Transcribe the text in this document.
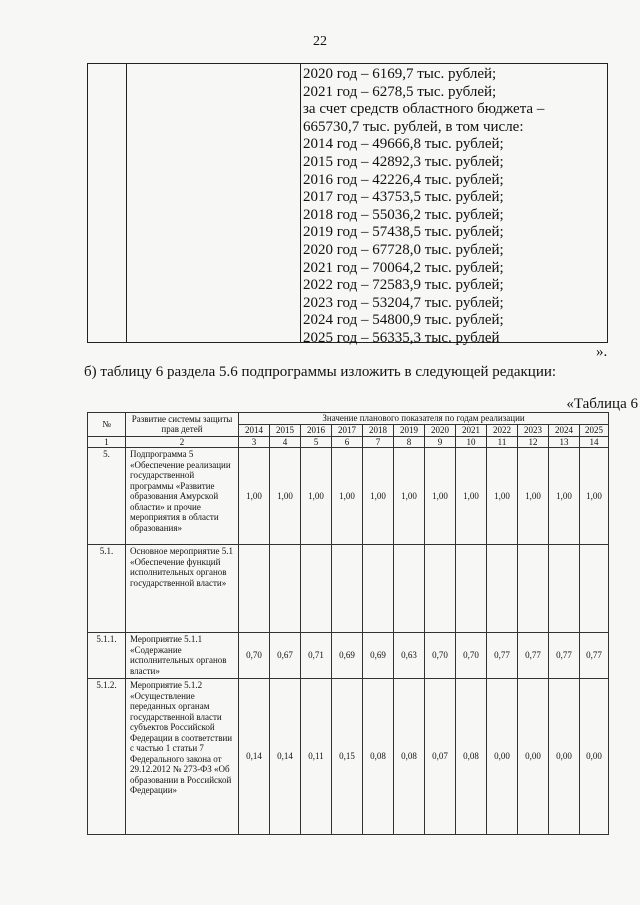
22
2020 год – 6169,7 тыс. рублей;
2021 год – 6278,5 тыс. рублей;
за счет средств областного бюджета –
665730,7 тыс. рублей, в том числе:
2014 год – 49666,8 тыс. рублей;
2015 год – 42892,3 тыс. рублей;
2016 год – 42226,4 тыс. рублей;
2017 год – 43753,5 тыс. рублей;
2018 год – 55036,2 тыс. рублей;
2019 год – 57438,5 тыс. рублей;
2020 год – 67728,0 тыс. рублей;
2021 год – 70064,2 тыс. рублей;
2022 год – 72583,9 тыс. рублей;
2023 год – 53204,7 тыс. рублей;
2024 год – 54800,9 тыс. рублей;
2025 год – 56335,3 тыс. рублей
».
б) таблицу 6 раздела 5.6 подпрограммы изложить в следующей редакции:
«Таблица 6
№	Развитие системы защиты прав детей	Значение планового показателя по годам реализации											
		2014	2015	2016	2017	2018	2019	2020	2021	2022	2023	2024	2025
1	2	3	4	5	6	7	8	9	10	11	12	13	14
5.	Подпрограмма 5 «Обеспечение реализации государственной программы «Развитие образования Амурской области» и прочие мероприятия в области образования»	1,00	1,00	1,00	1,00	1,00	1,00	1,00	1,00	1,00	1,00	1,00	1,00
5.1.	Основное мероприятие 5.1 «Обеспечение функций исполнительных органов государственной власти»												
5.1.1.	Мероприятие 5.1.1 «Содержание исполнительных органов власти»	0,70	0,67	0,71	0,69	0,69	0,63	0,70	0,70	0,77	0,77	0,77	0,77
5.1.2.	Мероприятие 5.1.2 «Осуществление переданных органам государственной власти субъектов Российской Федерации в соответствии с частью 1 статьи 7 Федерального закона от 29.12.2012 № 273-ФЗ «Об образовании в Российской Федерации»	0,14	0,14	0,11	0,15	0,08	0,08	0,07	0,08	0,00	0,00	0,00	0,00
